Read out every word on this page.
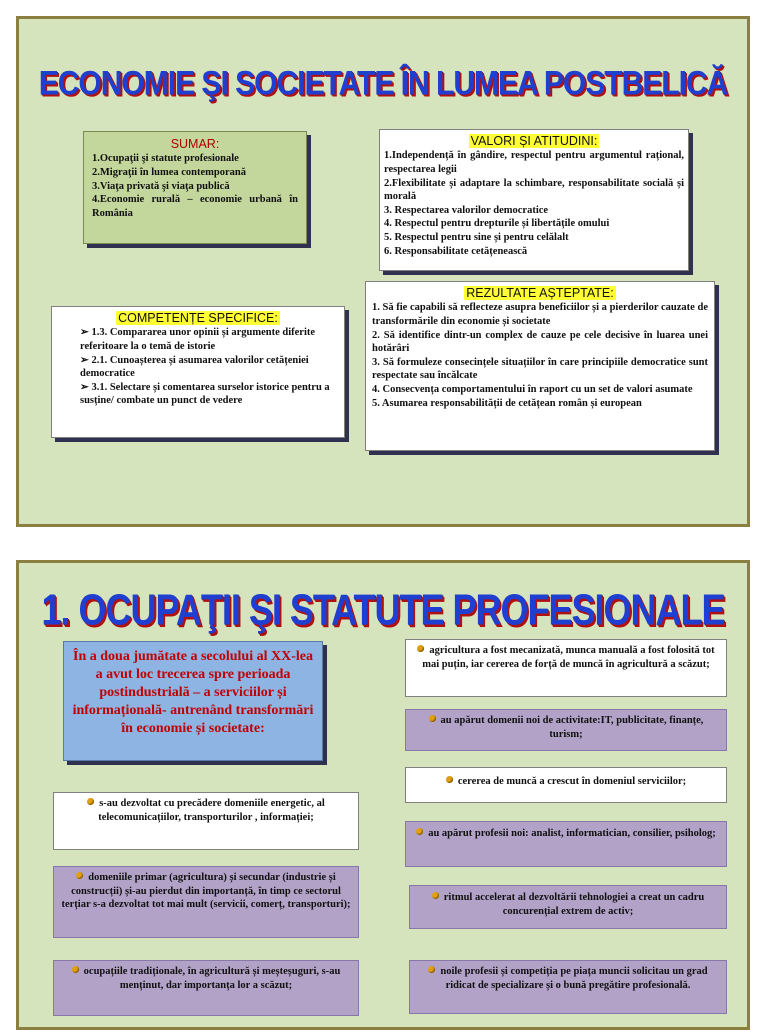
ECONOMIE ŞI SOCIETATE ÎN LUMEA POSTBELICĂ
SUMAR:
1.Ocupaţii şi statute profesionale
2.Migraţii în lumea contemporană
3.Viaţa privată şi viaţa publică
4.Economie rurală – economie urbană în România
VALORI ȘI ATITUDINI:
1.Independență în gândire, respectul pentru argumentul rațional, respectarea legii
2.Flexibilitate și adaptare la schimbare, responsabilitate socială și morală
3. Respectarea valorilor democratice
4. Respectul pentru drepturile și libertățile omului
5. Respectul pentru sine și pentru celălalt
6. Responsabilitate cetățenească
COMPETENȚE SPECIFICE:
➢ 1.3. Compararea unor opinii și argumente diferite referitoare la o temă de istorie
➢ 2.1. Cunoașterea și asumarea valorilor cetățeniei democratice
➢ 3.1. Selectare și comentarea surselor istorice pentru a susține/ combate un punct de vedere
REZULTATE AȘTEPTATE:
1. Să fie capabili să reflecteze asupra beneficiilor și a pierderilor cauzate de transformările din economie și societate
2. Să identifice dintr-un complex de cauze pe cele decisive în luarea unei hotărâri
3. Să formuleze consecințele situațiilor în care principiile democratice sunt respectate sau încălcate
4. Consecvența comportamentului în raport cu un set de valori asumate
5. Asumarea responsabilității de cetățean român și european
1. OCUPAŢII ŞI STATUTE PROFESIONALE
În a doua jumătate a secolului al XX-lea a avut loc trecerea spre perioada postindustrială – a serviciilor și informațională- antrenând transformări în economie și societate:
s-au dezvoltat cu precădere domeniile energetic, al telecomunicațiilor, transporturilor , informației;
domeniile primar (agricultura) și secundar (industrie și construcții) și-au pierdut din importanță, în timp ce sectorul terțiar s-a dezvoltat tot mai mult (servicii, comerț, transporturi);
ocupațiile tradiționale, în agricultură și meșteșuguri, s-au menținut, dar importanța lor a scăzut;
agricultura a fost mecanizată, munca manuală a fost folosită tot mai puțin, iar cererea de forță de muncă în agricultură a scăzut;
au apărut domenii noi de activitate:IT, publicitate, finanțe, turism;
cererea de muncă a crescut în domeniul serviciilor;
au apărut profesii noi: analist, informatician, consilier, psiholog;
ritmul accelerat al dezvoltării tehnologiei a creat un cadru concurențial extrem de activ;
noile profesii și competiția pe piața muncii solicitau un grad ridicat de specializare și o bună pregătire profesională.
